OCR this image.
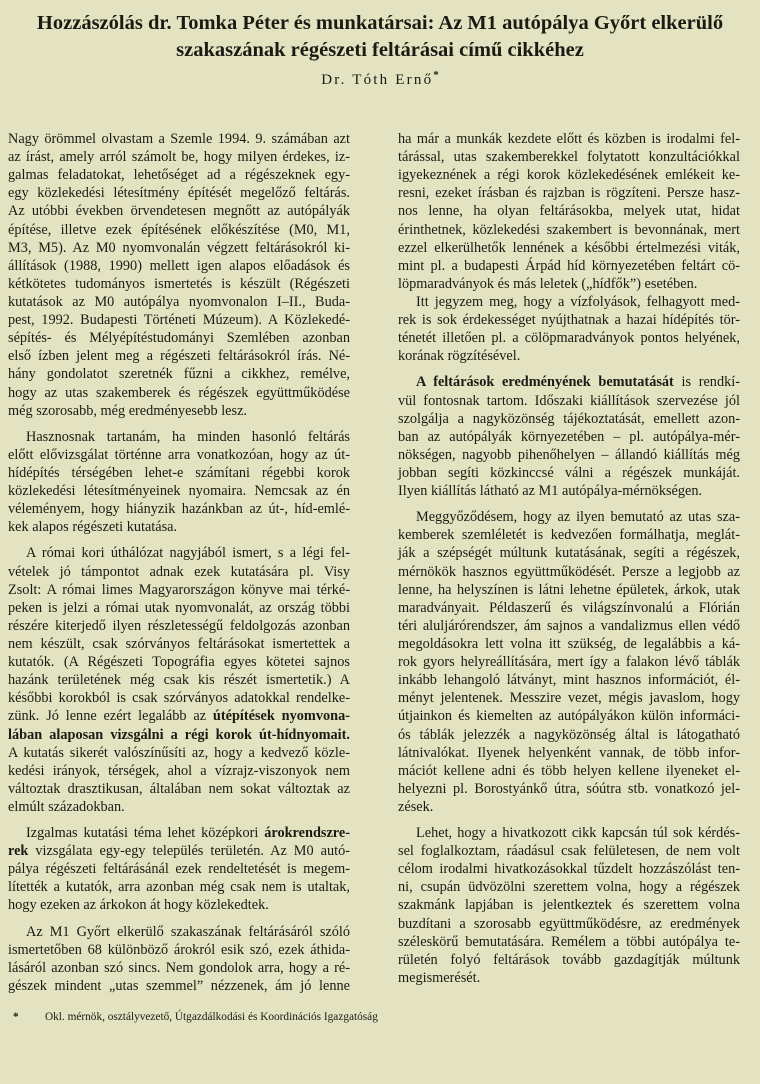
Hozzászólás dr. Tomka Péter és munkatársai: Az M1 autópálya Győrt elkerülő
szakaszának régészeti feltárásai című cikkéhez
Dr. Tóth Ernő*
Nagy örömmel olvastam a Szemle 1994. 9. számában azt
az írást, amely arról számolt be, hogy milyen érdekes, iz-
galmas feladatokat, lehetőséget ad a régészeknek egy-
egy közlekedési létesítmény építését megelőző feltárás.
Az utóbbi években örvendetesen megnőtt az autópályák
építése, illetve ezek építésének előkészítése (M0, M1,
M3, M5). Az M0 nyomvonalán végzett feltárásokról ki-
állítások (1988, 1990) mellett igen alapos előadások és
kétkötetes tudományos ismertetés is készült (Régészeti
kutatások az M0 autópálya nyomvonalon I–II., Buda-
pest, 1992. Budapesti Történeti Múzeum). A Közlekedé-
sépítés- és Mélyépítéstudományi Szemlében azonban
első ízben jelent meg a régészeti feltárásokról írás. Né-
hány gondolatot szeretnék fűzni a cikkhez, remélve,
hogy az utas szakemberek és régészek együttműködése
még szorosabb, még eredményesebb lesz.
Hasznosnak tartanám, ha minden hasonló feltárás
előtt elővizsgálat történne arra vonatkozóan, hogy az út-
hídépítés térségében lehet-e számítani régebbi korok
közlekedési létesítményeinek nyomaira. Nemcsak az én
véleményem, hogy hiányzik hazánkban az út-, híd-emlé-
kek alapos régészeti kutatása.
A római kori úthálózat nagyjából ismert, s a légi fel-
vételek jó támpontot adnak ezek kutatására pl. Visy
Zsolt: A római limes Magyarországon könyve mai térké-
peken is jelzi a római utak nyomvonalát, az ország többi
részére kiterjedő ilyen részletességű feldolgozás azonban
nem készült, csak szórványos feltárásokat ismertettek a
kutatók. (A Régészeti Topográfia egyes kötetei sajnos
hazánk területének még csak kis részét ismertetik.) A
későbbi korokból is csak szórványos adatokkal rendelke-
zünk. Jó lenne ezért legalább az útépítések nyomvona-
lában alaposan vizsgálni a régi korok út-hídnyomait.
A kutatás sikerét valószínűsíti az, hogy a kedvező közle-
kedési irányok, térségek, ahol a vízrajz-viszonyok nem
változtak drasztikusan, általában nem sokat változtak az
elmúlt századokban.
Izgalmas kutatási téma lehet középkori árokrendszre-
rek vizsgálata egy-egy település területén. Az M0 autó-
pálya régészeti feltárásánál ezek rendeltetését is megem-
lítették a kutatók, arra azonban még csak nem is utaltak,
hogy ezeken az árkokon át hogy közlekedtek.
Az M1 Győrt elkerülő szakaszának feltárásáról szóló
ismertetőben 68 különböző árokról esik szó, ezek áthida-
lásáról azonban szó sincs. Nem gondolok arra, hogy a ré-
gészek mindent „utas szemmel” nézzenek, ám jó lenne
ha már a munkák kezdete előtt és közben is irodalmi fel-
tárással, utas szakemberekkel folytatott konzultációkkal
igyekeznének a régi korok közlekedésének emlékeit ke-
resni, ezeket írásban és rajzban is rögzíteni. Persze hasz-
nos lenne, ha olyan feltárásokba, melyek utat, hidat
érinthetnek, közlekedési szakembert is bevonnának, mert
ezzel elkerülhetők lennének a későbbi értelmezési viták,
mint pl. a budapesti Árpád híd környezetében feltárt cö-
löpmaradványok és más leletek („hídfők”) esetében.
Itt jegyzem meg, hogy a vízfolyások, felhagyott med-
rek is sok érdekességet nyújthatnak a hazai hídépítés tör-
ténetét illetően pl. a cölöpmaradványok pontos helyének,
korának rögzítésével.
A feltárások eredményének bemutatását is rendkí-
vül fontosnak tartom. Időszaki kiállítások szervezése jól
szolgálja a nagyközönség tájékoztatását, emellett azon-
ban az autópályák környezetében – pl. autópálya-mér-
nökségen, nagyobb pihenőhelyen – állandó kiállítás még
jobban segíti közkinccsé válni a régészek munkáját.
Ilyen kiállítás látható az M1 autópálya-mérnökségen.
Meggyőződésem, hogy az ilyen bemutató az utas sza-
kemberek szemléletét is kedvezően formálhatja, meglát-
ják a szépségét múltunk kutatásának, segíti a régészek,
mérnökök hasznos együttműködését. Persze a legjobb az
lenne, ha helyszínen is látni lehetne épületek, árkok, utak
maradványait. Példaszerű és világszínvonalú a Flórián
téri aluljárórendszer, ám sajnos a vandalizmus ellen védő
megoldásokra lett volna itt szükség, de legalábbis a ká-
rok gyors helyreállítására, mert így a falakon lévő táblák
inkább lehangoló látványt, mint hasznos információt, él-
ményt jelentenek. Messzire vezet, mégis javaslom, hogy
útjainkon és kiemelten az autópályákon külön informáci-
ós táblák jelezzék a nagyközönség által is látogatható
látnivalókat. Ilyenek helyenként vannak, de több infor-
mációt kellene adni és több helyen kellene ilyeneket el-
helyezni pl. Borostyánkő útra, sóútra stb. vonatkozó jel-
zések.
Lehet, hogy a hivatkozott cikk kapcsán túl sok kérdés-
sel foglalkoztam, ráadásul csak felületesen, de nem volt
célom irodalmi hivatkozásokkal tűzdelt hozzászólást ten-
ni, csupán üdvözölni szerettem volna, hogy a régészek
szakmánk lapjában is jelentkeztek és szerettem volna
buzdítani a szorosabb együttműködésre, az eredmények
széleskörű bemutatására. Remélem a többi autópálya te-
rületén folyó feltárások tovább gazdagítják múltunk
megismerését.
* Okl. mérnök, osztályvezető, Útgazdálkodási és Koordinációs Igazgatóság
